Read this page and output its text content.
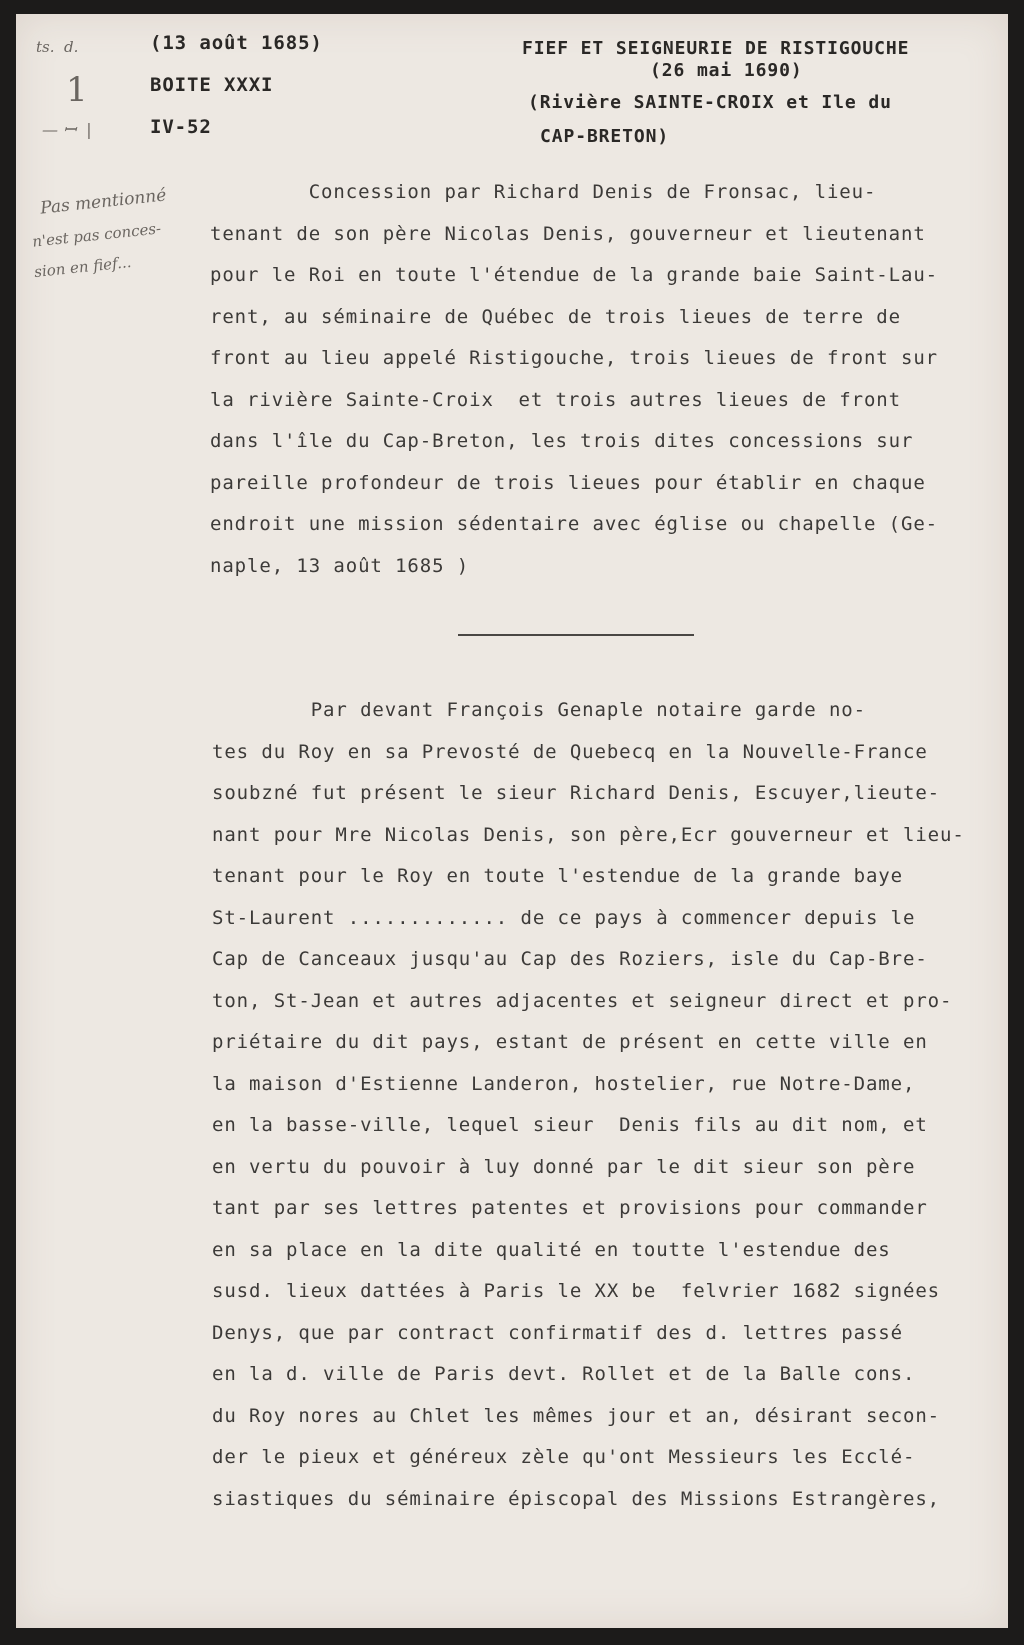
(13 août 1685)
BOITE XXXI
IV-52
FIEF ET SEIGNEURIE DE RISTIGOUCHE
(26 mai 1690)
(Rivière SAINTE-CROIX et Ile du
CAP-BRETON)
ts.  d.
1
— ꟷ  |
Pas mentionné
n'est pas conces-
sion en fief...

Concession par Richard Denis de Fronsac, lieu-

tenant de son père Nicolas Denis, gouverneur et lieutenant

pour le Roi en toute l'étendue de la grande baie Saint-Lau-

rent, au séminaire de Québec de trois lieues de terre de

front au lieu appelé Ristigouche, trois lieues de front sur

la rivière Sainte-Croix  et trois autres lieues de front

dans l'île du Cap-Breton, les trois dites concessions sur

pareille profondeur de trois lieues pour établir en chaque

endroit une mission sédentaire avec église ou chapelle (Ge-

naple, 13 août 1685 )

Par devant François Genaple notaire garde no-

tes du Roy en sa Prevosté de Quebecq en la Nouvelle-France

soubzné fut présent le sieur Richard Denis, Escuyer,lieute-

nant pour Mre Nicolas Denis, son père,Ecr gouverneur et lieu-

tenant pour le Roy en toute l'estendue de la grande baye

St-Laurent ............. de ce pays à commencer depuis le

Cap de Canceaux jusqu'au Cap des Roziers, isle du Cap-Bre-

ton, St-Jean et autres adjacentes et seigneur direct et pro-

priétaire du dit pays, estant de présent en cette ville en

la maison d'Estienne Landeron, hostelier, rue Notre-Dame,

en la basse-ville, lequel sieur  Denis fils au dit nom, et

en vertu du pouvoir à luy donné par le dit sieur son père

tant par ses lettres patentes et provisions pour commander

en sa place en la dite qualité en toutte l'estendue des

susd. lieux dattées à Paris le XX be  felvrier 1682 signées

Denys, que par contract confirmatif des d. lettres passé

en la d. ville de Paris devt. Rollet et de la Balle cons.

du Roy nores au Chlet les mêmes jour et an, désirant secon-

der le pieux et généreux zèle qu'ont Messieurs les Ecclé-

siastiques du séminaire épiscopal des Missions Estrangères,
